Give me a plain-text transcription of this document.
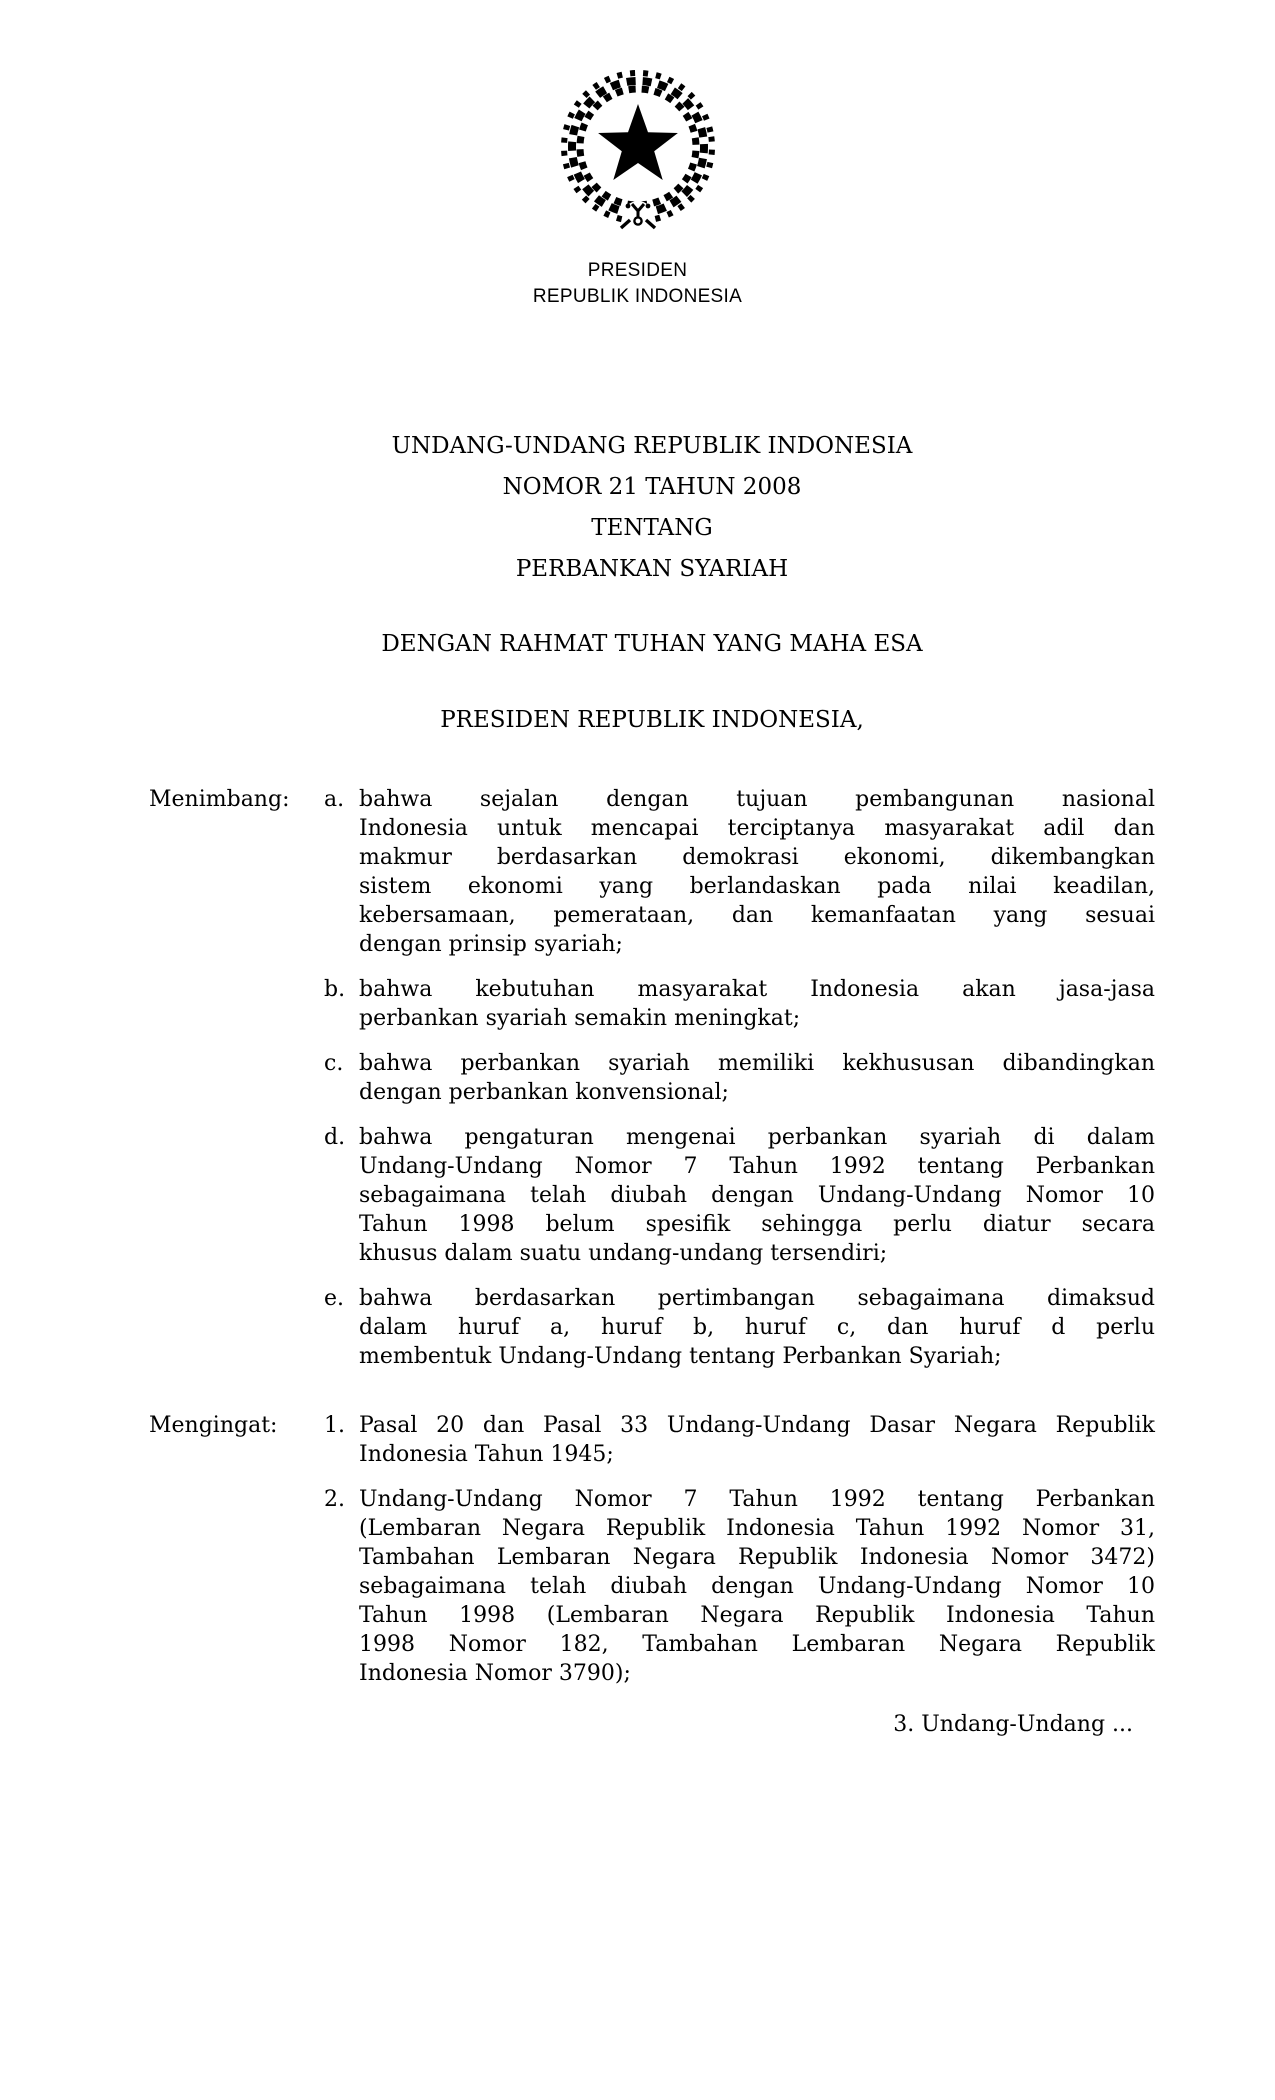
PRESIDEN
REPUBLIK INDONESIA
UNDANG-UNDANG REPUBLIK INDONESIA
NOMOR 21 TAHUN 2008
TENTANG
PERBANKAN SYARIAH
DENGAN RAHMAT TUHAN YANG MAHA ESA
PRESIDEN REPUBLIK INDONESIA,
Menimbang:	a. bahwa sejalan dengan tujuan pembangunan nasional
Indonesia untuk mencapai terciptanya masyarakat adil dan
makmur berdasarkan demokrasi ekonomi, dikembangkan
sistem ekonomi yang berlandaskan pada nilai keadilan,
kebersamaan, pemerataan, dan kemanfaatan yang sesuai
dengan prinsip syariah;
b. bahwa kebutuhan masyarakat Indonesia akan jasa-jasa
perbankan syariah semakin meningkat;
c. bahwa perbankan syariah memiliki kekhususan dibandingkan
dengan perbankan konvensional;
d. bahwa pengaturan mengenai perbankan syariah di dalam
Undang-Undang Nomor 7 Tahun 1992 tentang Perbankan
sebagaimana telah diubah dengan Undang-Undang Nomor 10
Tahun 1998 belum spesifik sehingga perlu diatur secara
khusus dalam suatu undang-undang tersendiri;
e. bahwa berdasarkan pertimbangan sebagaimana dimaksud
dalam huruf a, huruf b, huruf c, dan huruf d perlu
membentuk Undang-Undang tentang Perbankan Syariah;
Mengingat:	1. Pasal 20 dan Pasal 33 Undang-Undang Dasar Negara Republik
Indonesia Tahun 1945;
2. Undang-Undang Nomor 7 Tahun 1992 tentang Perbankan
(Lembaran Negara Republik Indonesia Tahun 1992 Nomor 31,
Tambahan Lembaran Negara Republik Indonesia Nomor 3472)
sebagaimana telah diubah dengan Undang-Undang Nomor 10
Tahun 1998 (Lembaran Negara Republik Indonesia Tahun
1998 Nomor 182, Tambahan Lembaran Negara Republik
Indonesia Nomor 3790);
3. Undang-Undang ...
